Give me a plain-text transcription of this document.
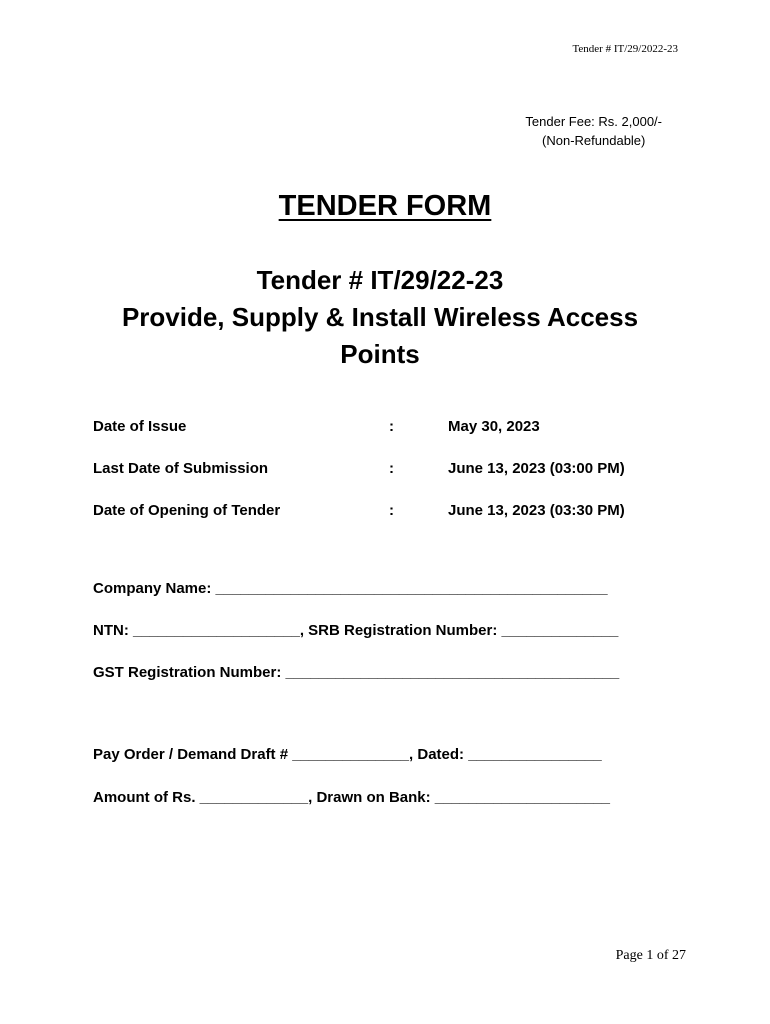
Tender # IT/29/2022-23
Tender Fee: Rs. 2,000/-
(Non-Refundable)
TENDER FORM
Tender # IT/29/22-23
Provide, Supply & Install Wireless Access
Points
Date of Issue	:	May 30, 2023
Last Date of Submission	:	June 13, 2023 (03:00 PM)
Date of Opening of Tender	:	June 13, 2023 (03:30 PM)
Company Name: _______________________________________________
NTN: ____________________, SRB Registration Number: ______________
GST Registration Number: ________________________________________
Pay Order / Demand Draft # ______________, Dated: ________________
Amount of Rs. _____________, Drawn on Bank: _____________________
Page 1 of 27
